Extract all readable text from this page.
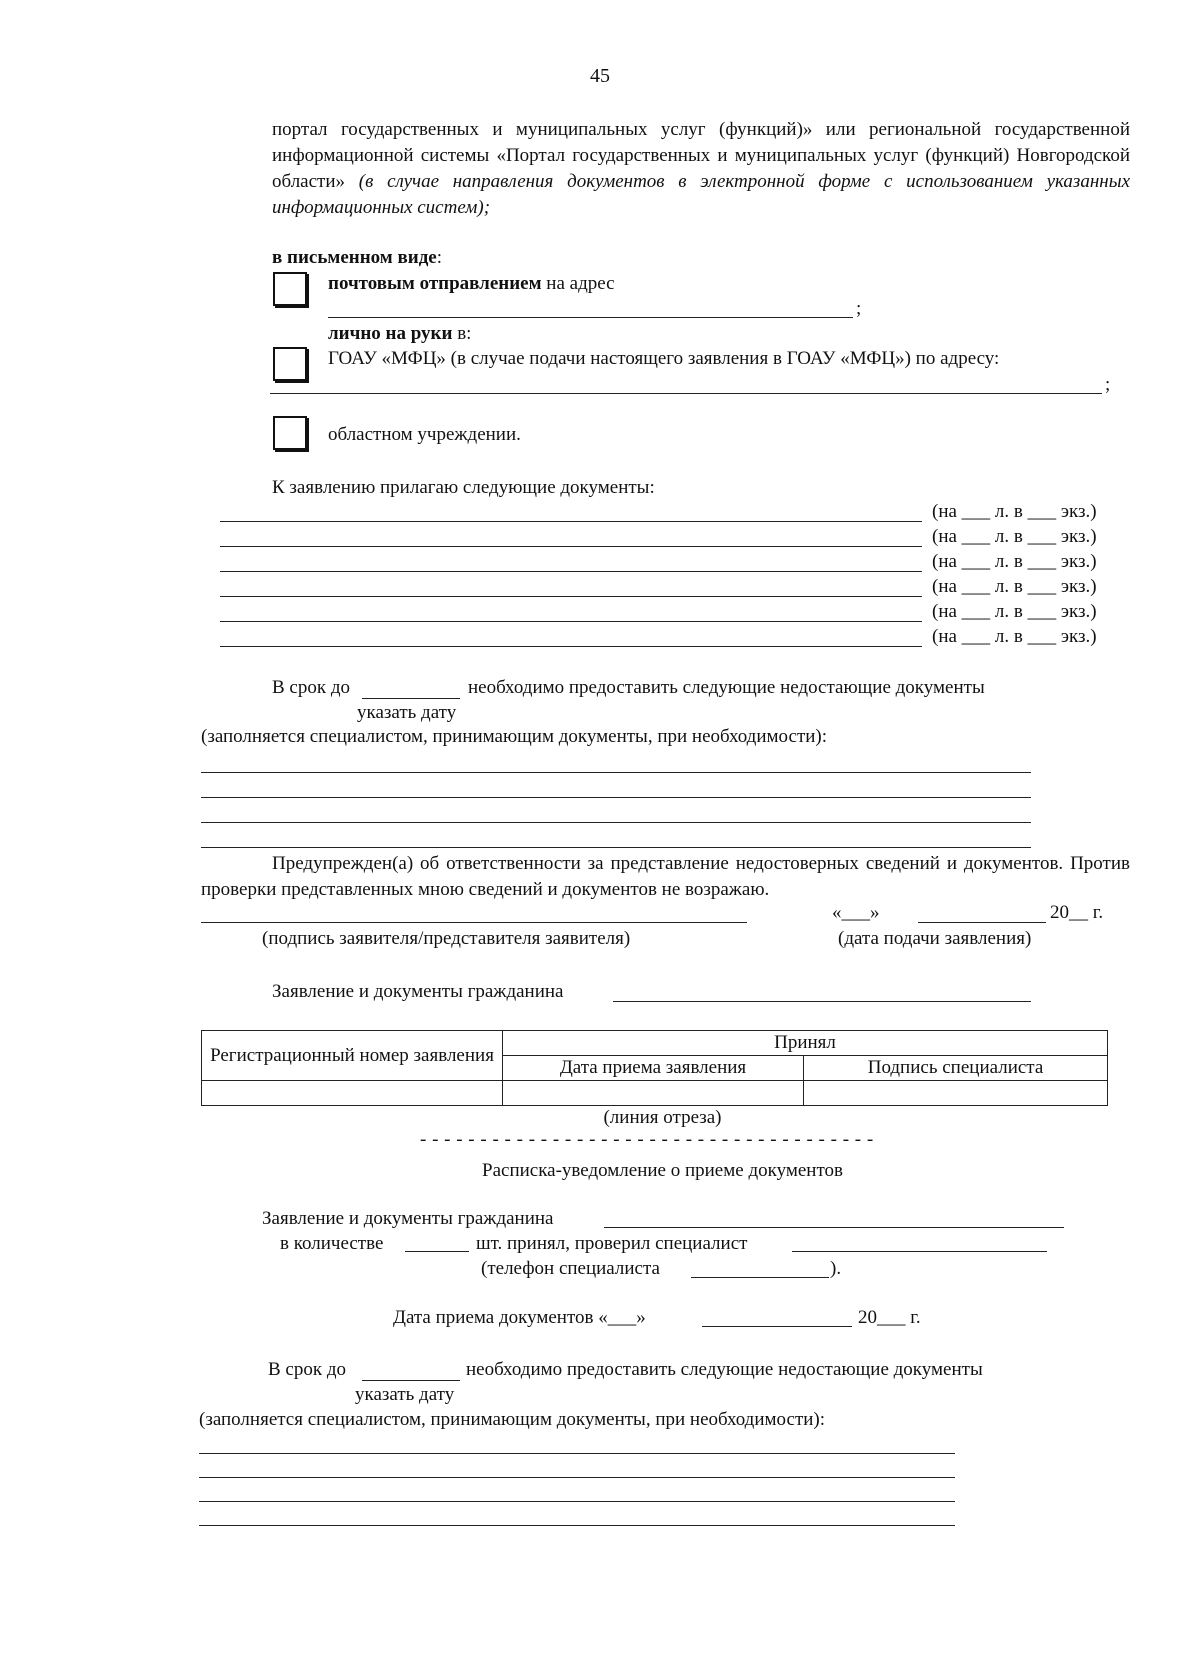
45
портал государственных и муниципальных услуг (функций)» или региональной государственной информационной системы «Портал государственных и муниципальных услуг (функций) Новгородской области» (в случае направления документов в электронной форме с использованием указанных информационных систем);
в письменном виде:
почтовым отправлением на адрес
;
лично на руки в:
ГОАУ «МФЦ» (в случае подачи настоящего заявления в ГОАУ «МФЦ») по адресу:
;
областном учреждении.
К заявлению прилагаю следующие документы:
(на ___ л. в ___ экз.)
(на ___ л. в ___ экз.)
(на ___ л. в ___ экз.)
(на ___ л. в ___ экз.)
(на ___ л. в ___ экз.)
(на ___ л. в ___ экз.)
В срок до	необходимо предоставить следующие недостающие документы
указать дату
(заполняется специалистом, принимающим документы, при необходимости):
Предупрежден(а) об ответственности за представление недостоверных сведений и документов. Против проверки представленных мною сведений и документов не возражаю.
«___»	20__ г.
(подпись заявителя/представителя заявителя)	(дата подачи заявления)
Заявление и документы гражданина
Регистрационный номер заявления	Принял	
	Дата приема заявления	Подпись специалиста

(линия отреза)
- - - - - - - - - - - - - - - - - - - - - - - - - - - - - - - - - - - - - -
Расписка-уведомление о приеме документов
Заявление и документы гражданина
в количестве	шт. принял, проверил специалист
(телефон специалиста	).
Дата приема документов «___»	20___ г.
В срок до	необходимо предоставить следующие недостающие документы
указать дату
(заполняется специалистом, принимающим документы, при необходимости):
